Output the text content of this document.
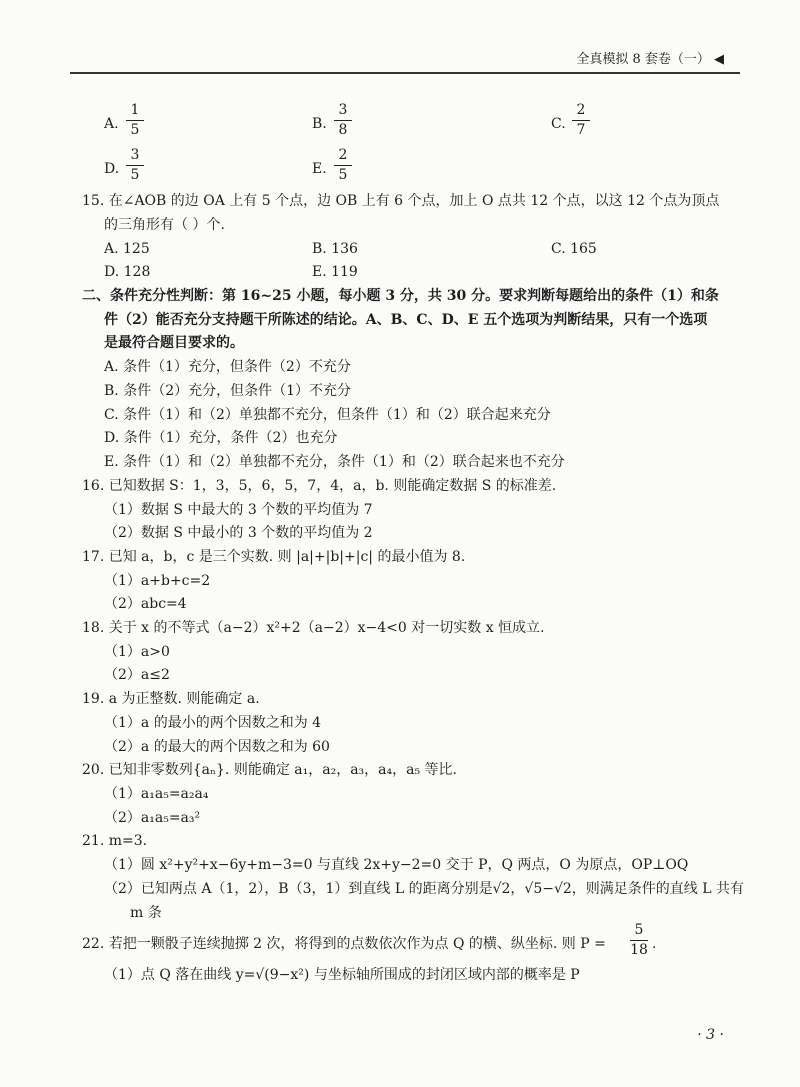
全真模拟 8 套卷（一） ◀
A.
1
5	B.
3
8	C.
2
7
D.
3
5	E.
2
5
15. 在∠AOB 的边 OA 上有 5 个点，边 OB 上有 6 个点，加上 O 点共 12 个点，以这 12 个点为顶点
的三角形有（ ）个.
A. 125	B. 136	C. 165
D. 128	E. 119
二、条件充分性判断：第 16~25 小题，每小题 3 分，共 30 分。要求判断每题给出的条件（1）和条
件（2）能否充分支持题干所陈述的结论。A、B、C、D、E 五个选项为判断结果，只有一个选项
是最符合题目要求的。
A. 条件（1）充分，但条件（2）不充分
B. 条件（2）充分，但条件（1）不充分
C. 条件（1）和（2）单独都不充分，但条件（1）和（2）联合起来充分
D. 条件（1）充分，条件（2）也充分
E. 条件（1）和（2）单独都不充分，条件（1）和（2）联合起来也不充分
16. 已知数据 S：1，3，5，6，5，7，4，a，b. 则能确定数据 S 的标准差.
（1）数据 S 中最大的 3 个数的平均值为 7
（2）数据 S 中最小的 3 个数的平均值为 2
17. 已知 a，b，c 是三个实数. 则 |a|+|b|+|c| 的最小值为 8.
（1）a+b+c=2
（2）abc=4
18. 关于 x 的不等式（a−2）x²+2（a−2）x−4<0 对一切实数 x 恒成立.
（1）a>0
（2）a≤2
19. a 为正整数. 则能确定 a.
（1）a 的最小的两个因数之和为 4
（2）a 的最大的两个因数之和为 60
20. 已知非零数列{aₙ}. 则能确定 a₁，a₂，a₃，a₄，a₅ 等比.
（1）a₁a₅=a₂a₄
（2）a₁a₅=a₃²
21. m=3.
（1）圆 x²+y²+x−6y+m−3=0 与直线 2x+y−2=0 交于 P，Q 两点，O 为原点，OP⊥OQ
（2）已知两点 A（1，2），B（3，1）到直线 L 的距离分别是√2，√5−√2，则满足条件的直线 L 共有
m 条
22. 若把一颗骰子连续抛掷 2 次，将得到的点数依次作为点 Q 的横、纵坐标. 则 P =
5
18 .
（1）点 Q 落在曲线 y=√(9−x²) 与坐标轴所围成的封闭区域内部的概率是 P
· 3 ·
